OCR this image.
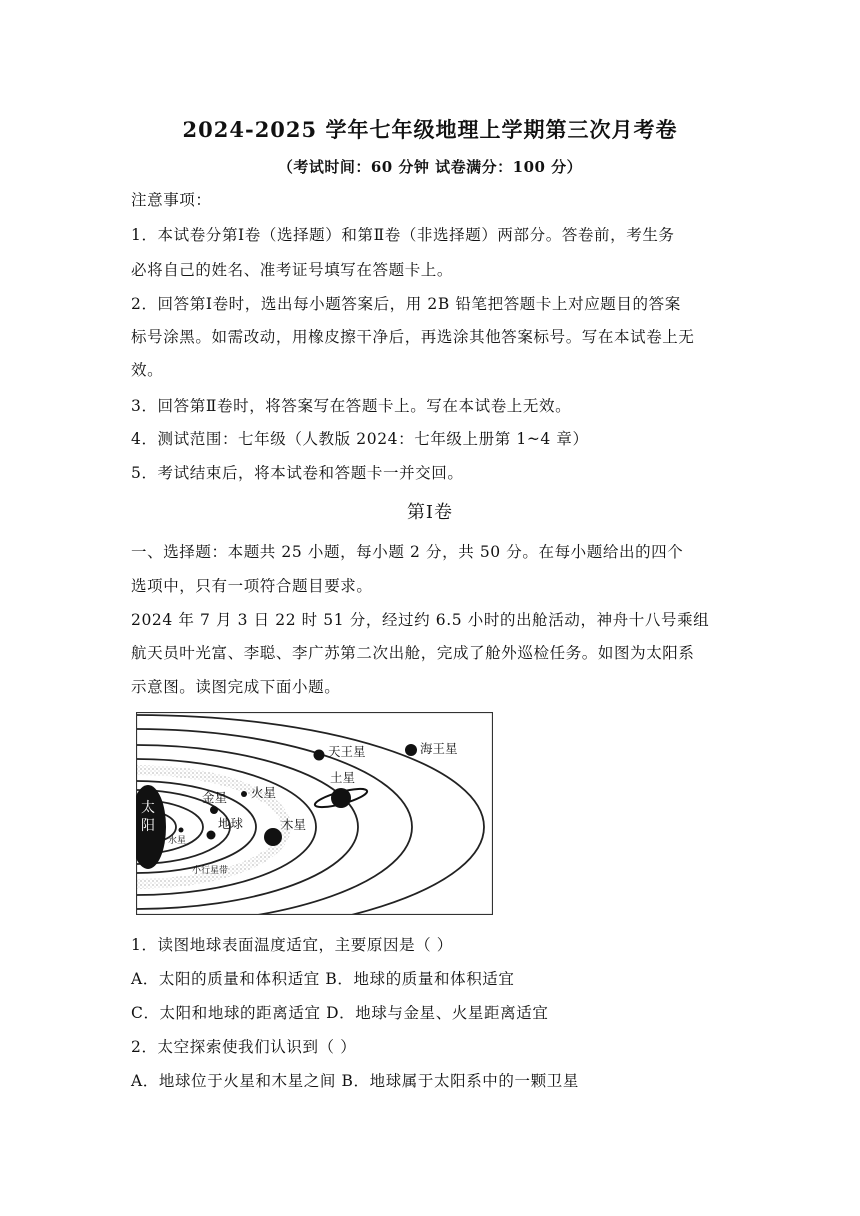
2024-2025 学年七年级地理上学期第三次月考卷
（考试时间：60 分钟 试卷满分：100 分）
注意事项：
1．本试卷分第Ⅰ卷（选择题）和第Ⅱ卷（非选择题）两部分。答卷前，考生务
必将自己的姓名、准考证号填写在答题卡上。
2．回答第Ⅰ卷时，选出每小题答案后，用 2B 铅笔把答题卡上对应题目的答案
标号涂黑。如需改动，用橡皮擦干净后，再选涂其他答案标号。写在本试卷上无
效。
3．回答第Ⅱ卷时，将答案写在答题卡上。写在本试卷上无效。
4．测试范围：七年级（人教版 2024：七年级上册第 1~4 章）
5．考试结束后，将本试卷和答题卡一并交回。
第Ⅰ卷
一、选择题：本题共 25 小题，每小题 2 分，共 50 分。在每小题给出的四个
选项中，只有一项符合题目要求。
2024 年 7 月 3 日 22 时 51 分，经过约 6.5 小时的出舱活动，神舟十八号乘组
航天员叶光富、李聪、李广苏第二次出舱，完成了舱外巡检任务。如图为太阳系
示意图。读图完成下面小题。
太
阳
水星
金星
地球
火星
木星
土星
天王星	海王星
小行星带
1．读图地球表面温度适宜，主要原因是（ ）
A．太阳的质量和体积适宜 B．地球的质量和体积适宜
C．太阳和地球的距离适宜 D．地球与金星、火星距离适宜
2．太空探索使我们认识到（ ）
A．地球位于火星和木星之间 B．地球属于太阳系中的一颗卫星
